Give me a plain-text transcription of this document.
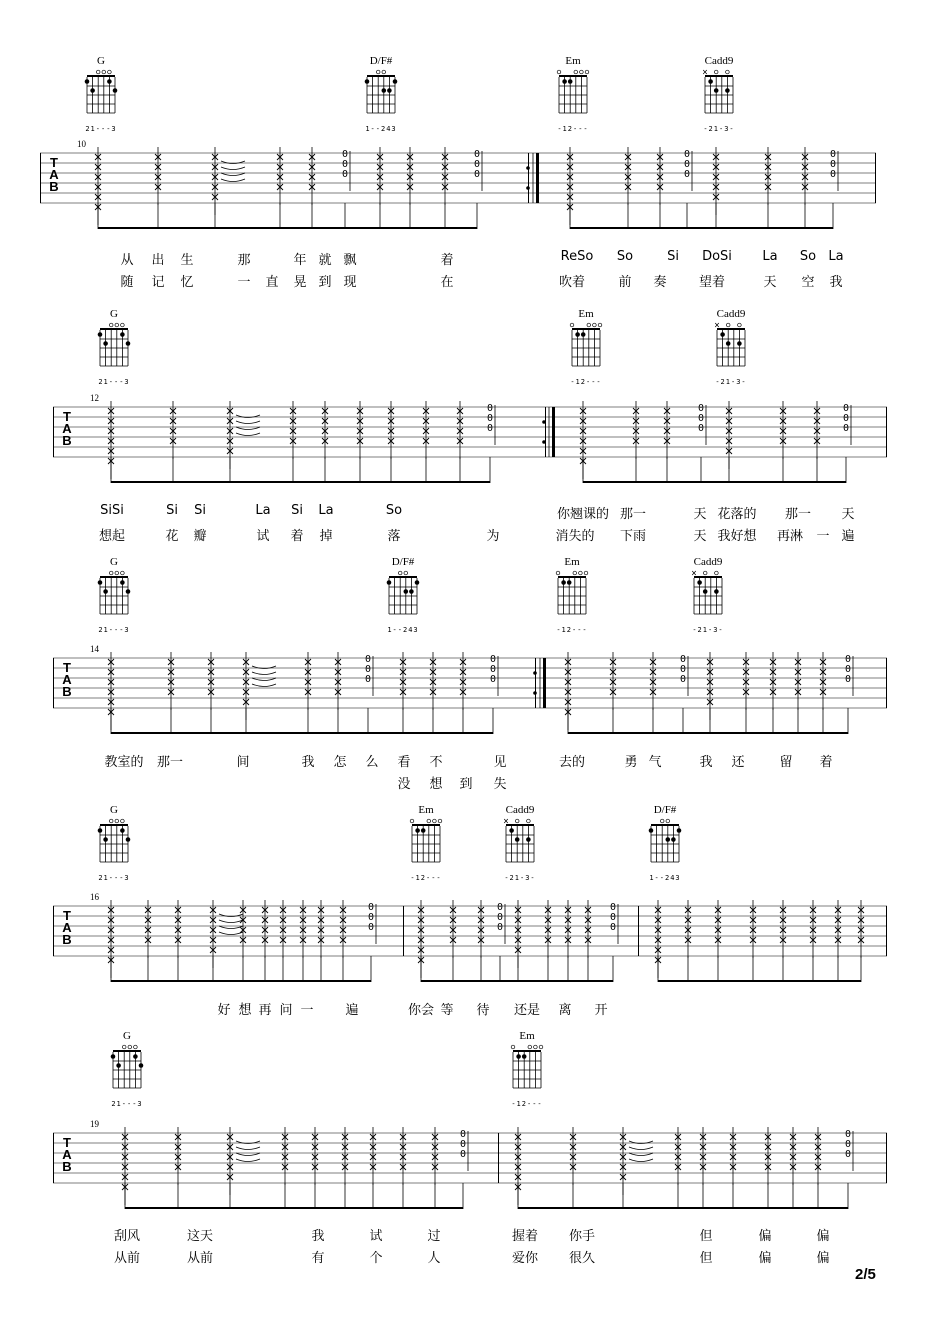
G
21---3
D/F#
1--243
Em
-12---
Cadd9
-21-3-
10
T
A
B
0
0
0
0
0
0
0
0
0
0
0
0
从 出 生	那	年 就 飘	着	ReSo So	Si DoSi La So La
随 记 忆	一 直 晃 到 现	在	吹着	前 奏 望着	天 空 我
G
21---3
Em
-12---
Cadd9
-21-3-
12
T
A
B
0
0
0
0
0
0
0
0
0
SiSi	Si Si	La Si La	So	你翘课的 那一	天 花落的 那一 天
想起	花 瓣	试 着 掉	落	为	消失的 下雨	天 我好想 再淋 一 遍
G
21---3
D/F#
1--243
Em
-12---
Cadd9
-21-3-
14
T
A
B
0
0
0
0
0
0
0
0
0
0
0
0
教室的 那一	间	我 怎 么 看 不	见	去的	勇 气	我 还	留 着
没 想 到 失
G
21---3
Em
-12---
Cadd9
-21-3-
D/F#
1--243
16
T
A
B
0
0
0
0
0
0
0
0
0
好 想 再 问 一 遍	你会 等 待 还是 离 开
G
21---3
Em
-12---
19
T
A
B
0
0
0
0
0
0
刮风	这天	我	试	过	握着 你手	但	偏	偏
从前	从前	有	个	人	爱你 很久	但	偏	偏
2/5
